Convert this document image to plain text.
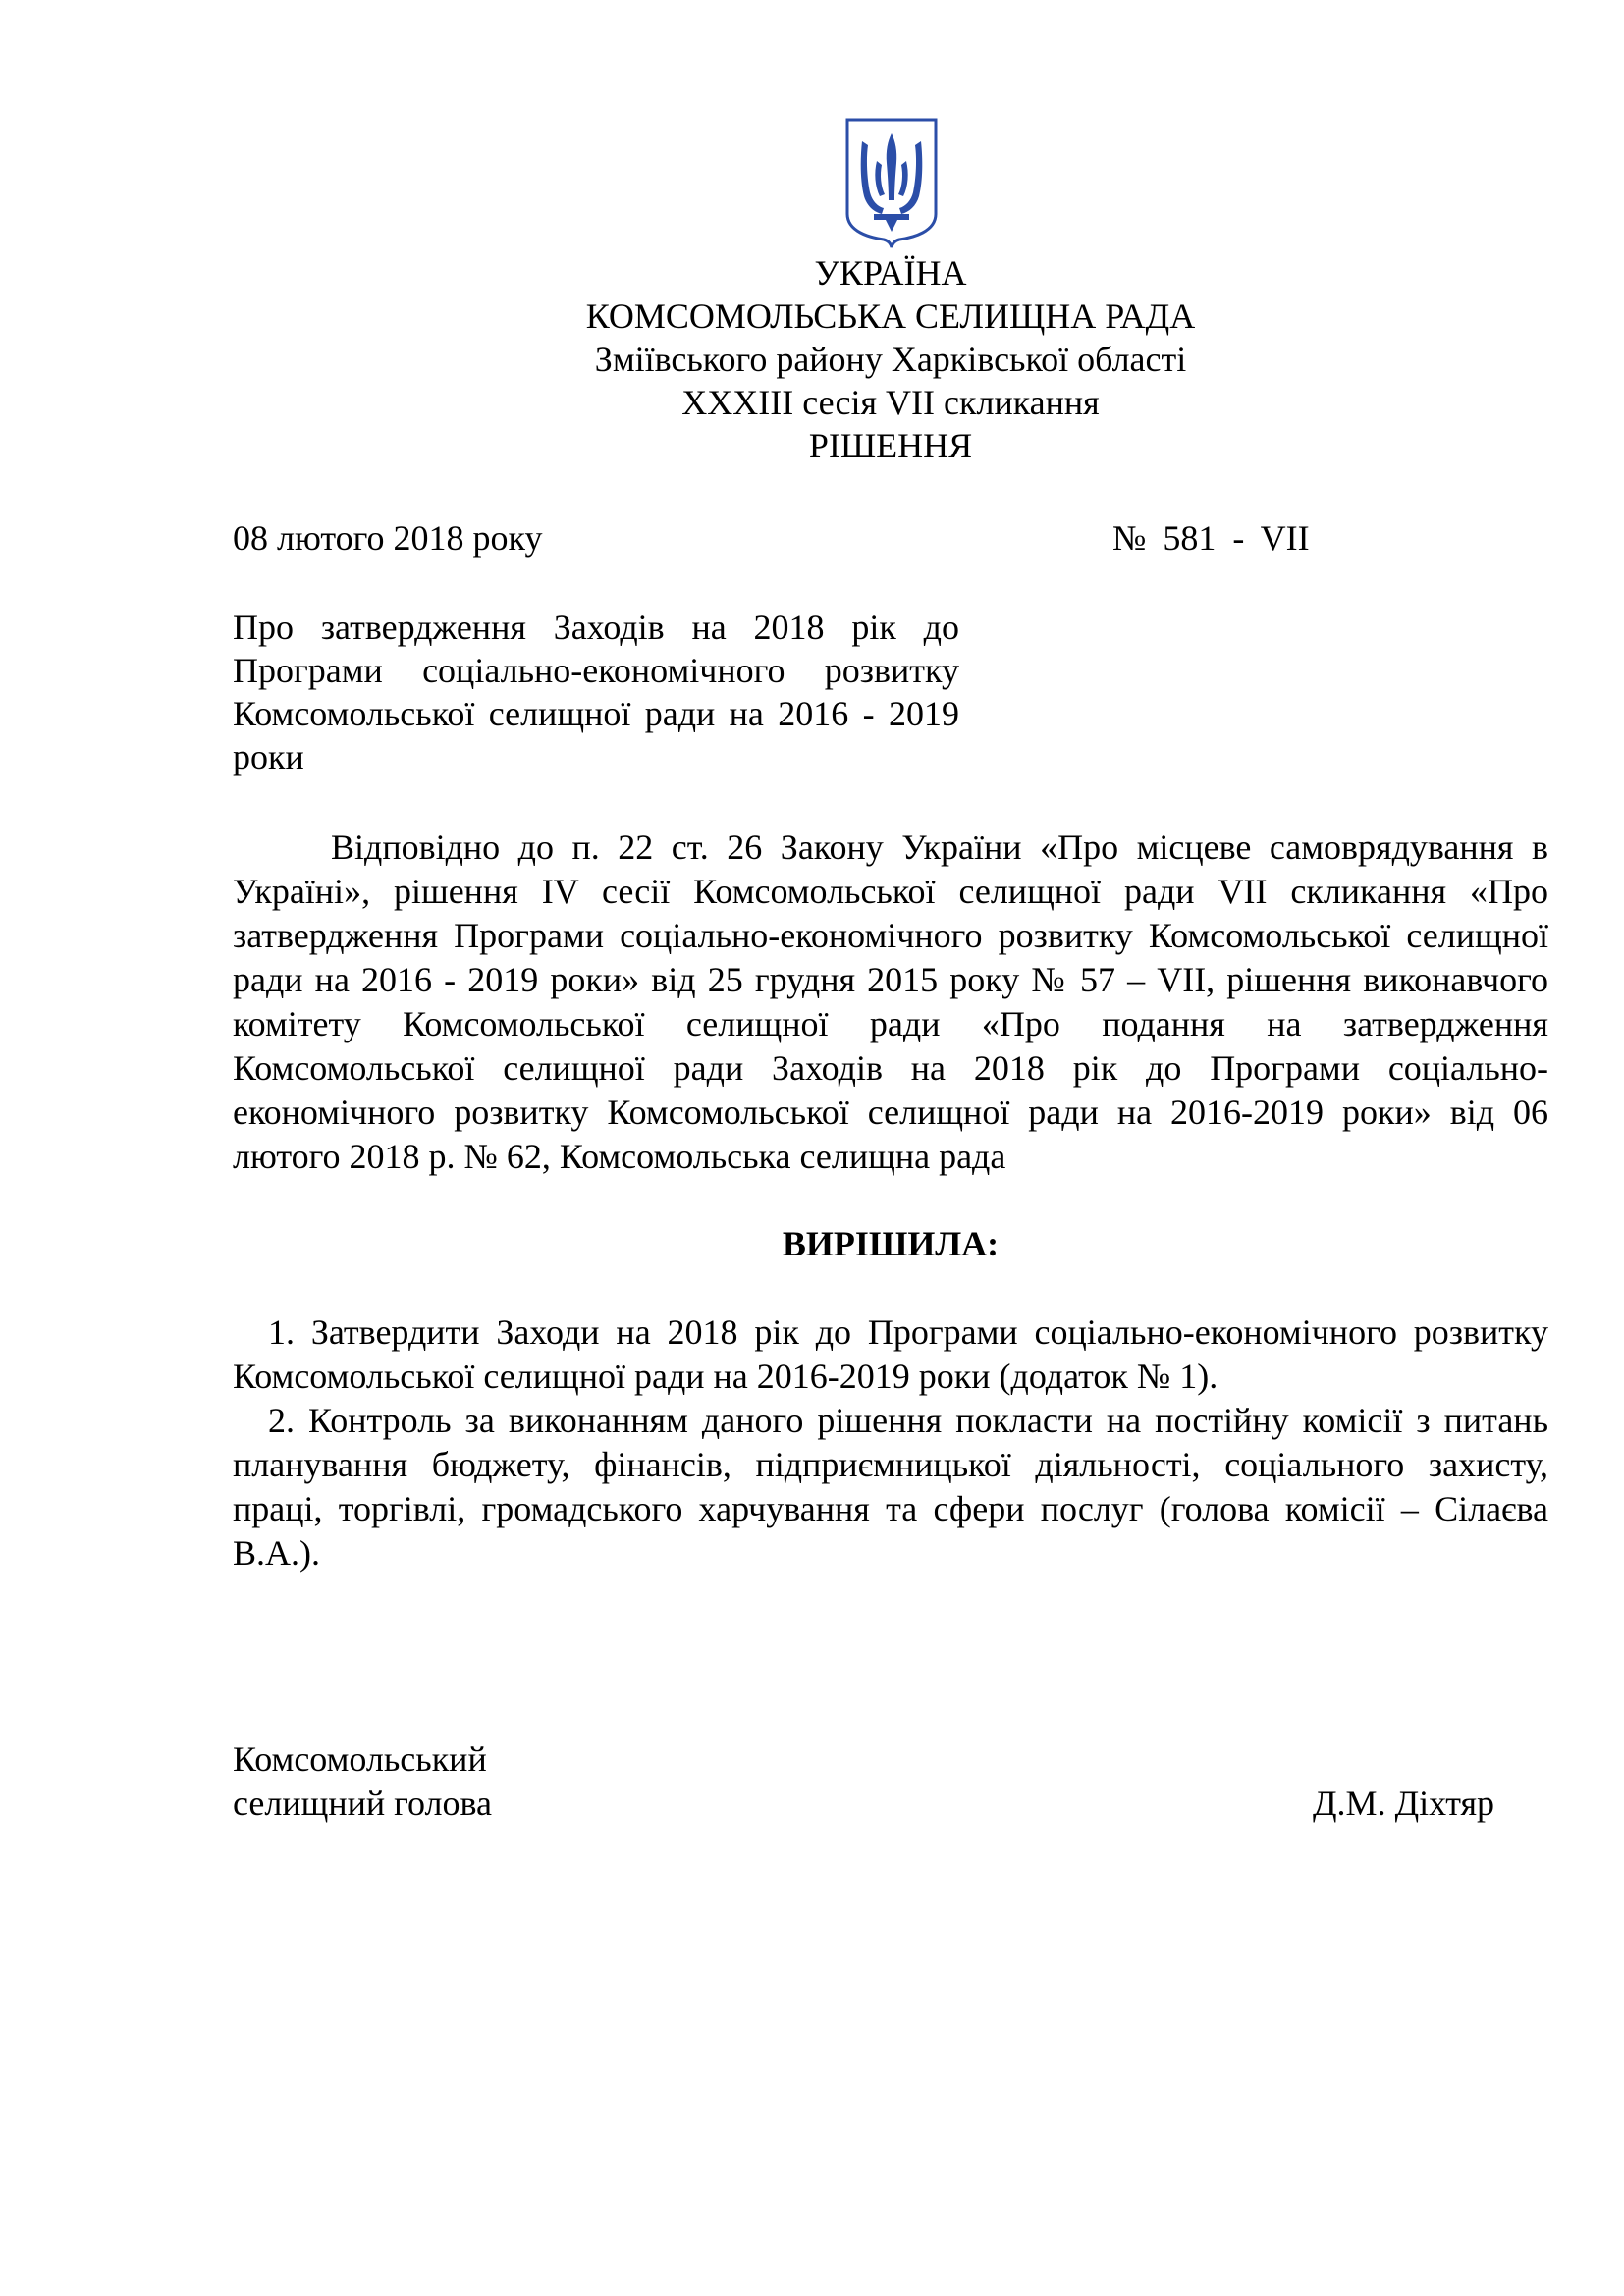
УКРАЇНА
КОМСОМОЛЬСЬКА СЕЛИЩНА РАДА
Зміївського району Харківської області
XXXIII сесія VII скликання
РІШЕННЯ
08 лютого 2018 року	№ 581 - VII
Про затвердження Заходів на 2018 рік до Програми соціально-економічного розвитку Комсомольської селищної ради на 2016 - 2019 роки
Відповідно до п. 22 ст. 26 Закону України «Про місцеве самоврядування в Україні», рішення IV сесії Комсомольської селищної ради VII скликання «Про затвердження Програми соціально-економічного розвитку Комсомольської селищної ради на 2016 - 2019 роки» від 25 грудня 2015 року № 57 – VII, рішення виконавчого комітету Комсомольської селищної ради «Про подання на затвердження Комсомольської селищної ради Заходів на 2018 рік до Програми соціально-економічного розвитку Комсомольської селищної ради на 2016-2019 роки» від 06 лютого 2018 р. № 62, Комсомольська селищна рада
ВИРІШИЛА:
1. Затвердити Заходи на 2018 рік до Програми соціально-економічного розвитку Комсомольської селищної ради на 2016-2019 роки (додаток № 1).
2. Контроль за виконанням даного рішення покласти на постійну комісії з питань планування бюджету, фінансів, підприємницької діяльності, соціального захисту, праці, торгівлі, громадського харчування та сфери послуг (голова комісії – Сілаєва В.А.).
Комсомольський
селищний голова	Д.М. Діхтяр
